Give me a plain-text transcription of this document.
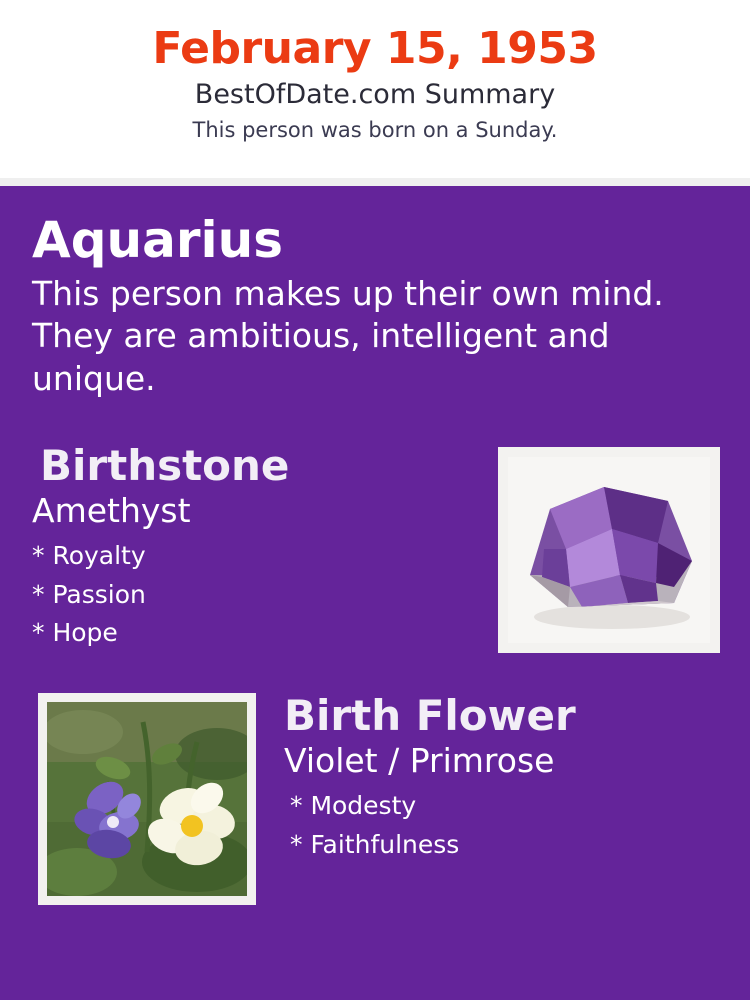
February 15, 1953
BestOfDate.com Summary
This person was born on a Sunday.
Aquarius
This person makes up their own mind. They are ambitious, intelligent and unique.
Birthstone
Amethyst
* Royalty
* Passion
* Hope
Birth Flower
Violet / Primrose
* Modesty
* Faithfulness
